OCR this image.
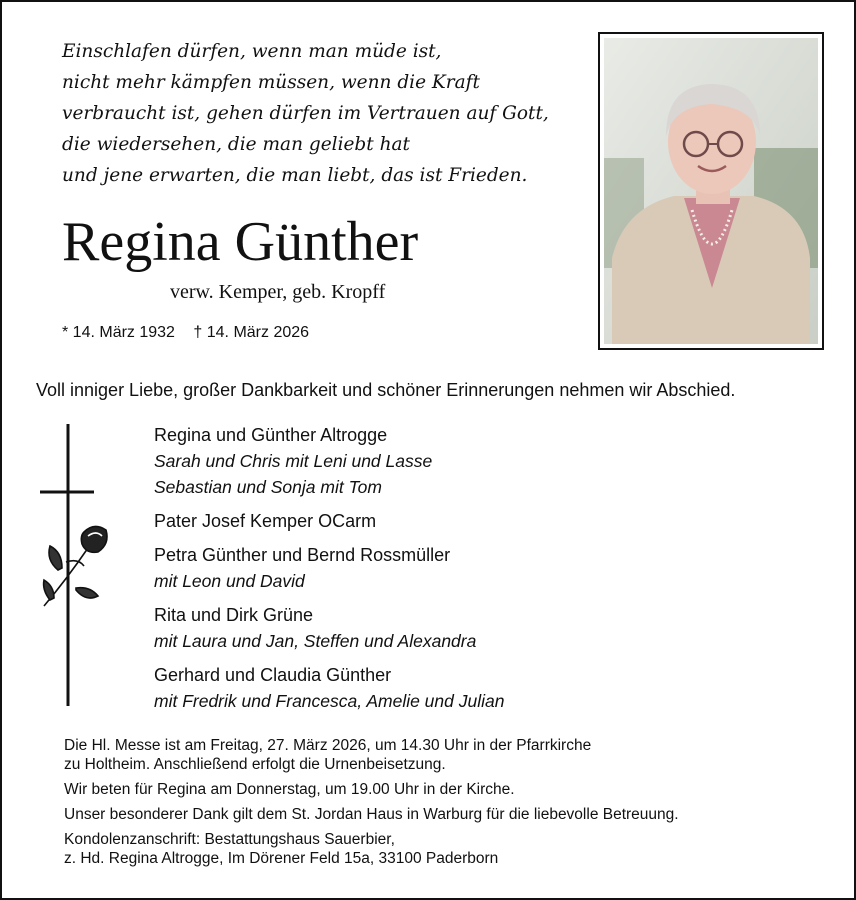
Einschlafen dürfen, wenn man müde ist,
nicht mehr kämpfen müssen, wenn die Kraft
verbraucht ist, gehen dürfen im Vertrauen auf Gott,
die wiedersehen, die man geliebt hat
und jene erwarten, die man liebt, das ist Frieden.
Regina Günther
verw. Kemper, geb. Kropff
* 14. März 1932 † 14. März 2026
Voll inniger Liebe, großer Dankbarkeit und schöner Erinnerungen nehmen wir Abschied.
Regina und Günther Altrogge
Sarah und Chris mit Leni und Lasse
Sebastian und Sonja mit Tom
Pater Josef Kemper OCarm
Petra Günther und Bernd Rossmüller
mit Leon und David
Rita und Dirk Grüne
mit Laura und Jan, Steffen und Alexandra
Gerhard und Claudia Günther
mit Fredrik und Francesca, Amelie und Julian

Die Hl. Messe ist am Freitag, 27. März 2026, um 14.30 Uhr in der Pfarrkirche
zu Holtheim. Anschließend erfolgt die Urnenbeisetzung.

Wir beten für Regina am Donnerstag, um 19.00 Uhr in der Kirche.

Unser besonderer Dank gilt dem St. Jordan Haus in Warburg für die liebevolle Betreuung.

Kondolenzanschrift: Bestattungshaus Sauerbier,
z. Hd. Regina Altrogge, Im Dörener Feld 15a, 33100 Paderborn
